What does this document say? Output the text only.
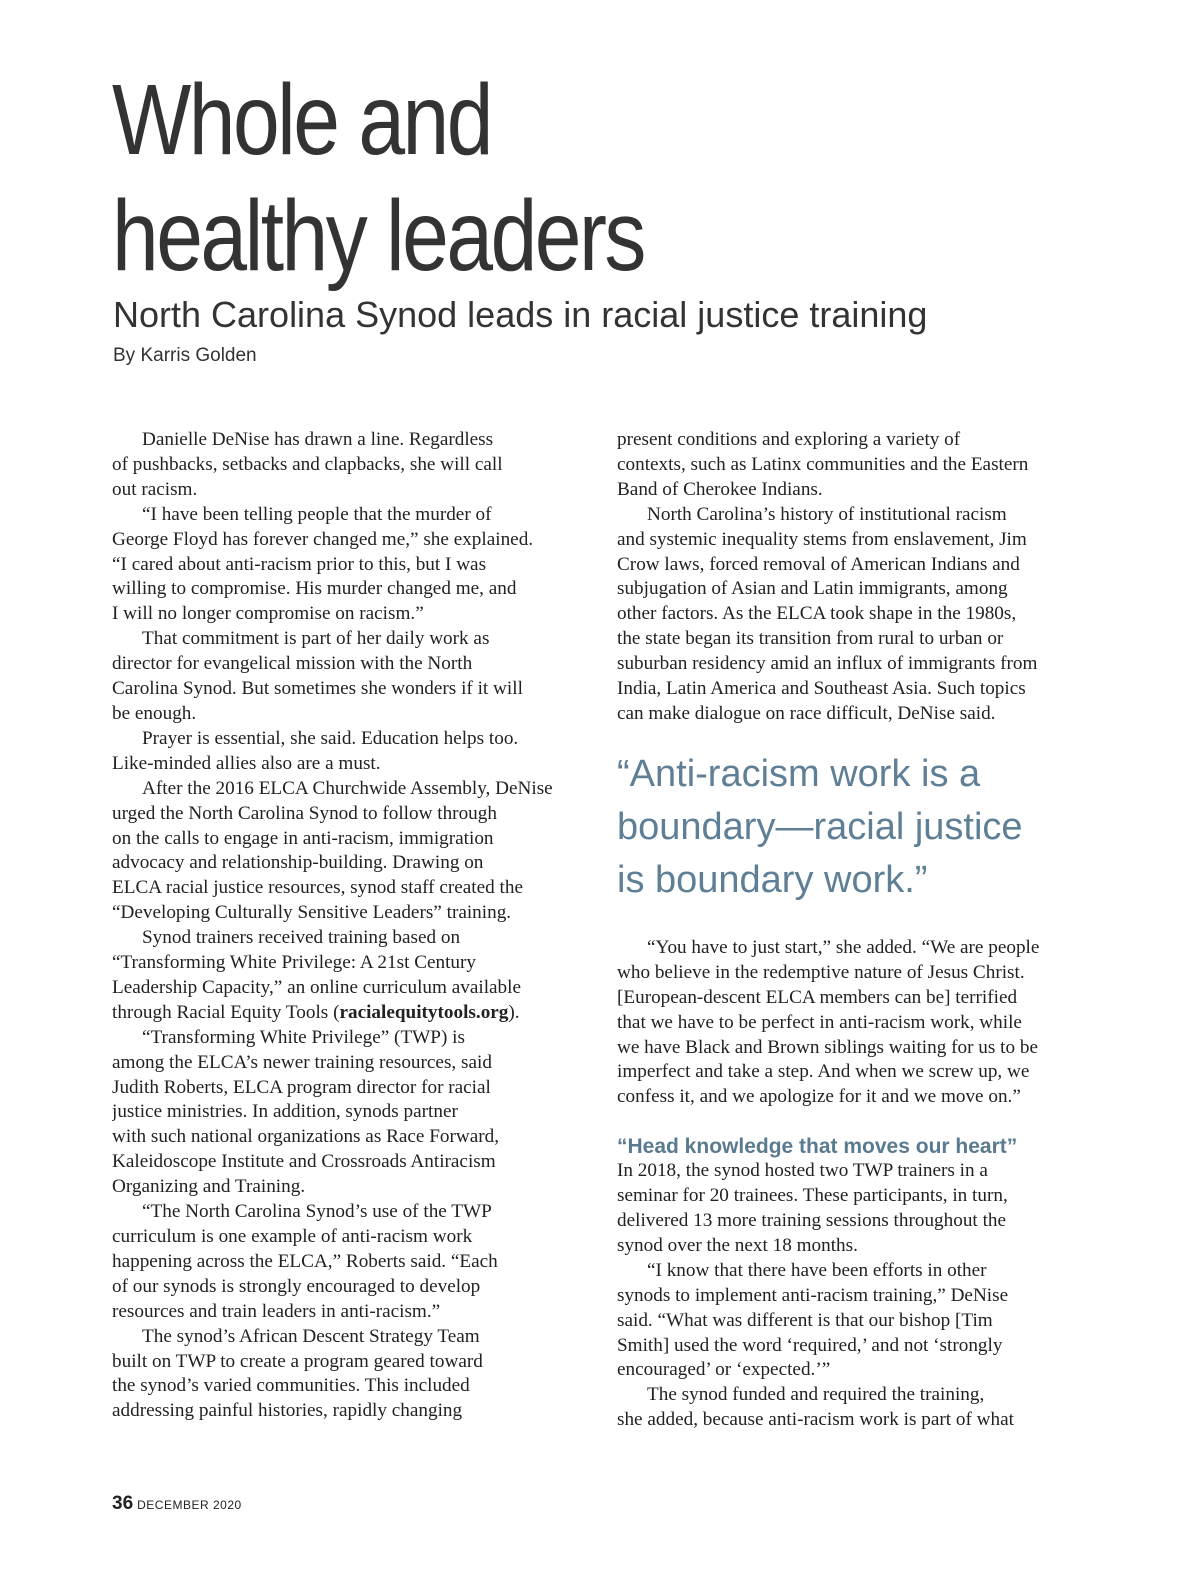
Whole and
healthy leaders
North Carolina Synod leads in racial justice training
By Karris Golden

Danielle DeNise has drawn a line. Regardless
of pushbacks, setbacks and clapbacks, she will call
out racism.

“I have been telling people that the murder of
George Floyd has forever changed me,” she explained.
“I cared about anti-racism prior to this, but I was
willing to compromise. His murder changed me, and
I will no longer compromise on racism.”

That commitment is part of her daily work as
director for evangelical mission with the North
Carolina Synod. But sometimes she wonders if it will
be enough.

Prayer is essential, she said. Education helps too.
Like-minded allies also are a must.

After the 2016 ELCA Churchwide Assembly, DeNise
urged the North Carolina Synod to follow through
on the calls to engage in anti-racism, immigration
advocacy and relationship-building. Drawing on
ELCA racial justice resources, synod staff created the
“Developing Culturally Sensitive Leaders” training.

Synod trainers received training based on
“Transforming White Privilege: A 21st Century
Leadership Capacity,” an online curriculum available

through Racial Equity Tools (racialequitytools.org).

“Transforming White Privilege” (TWP) is
among the ELCA’s newer training resources, said
Judith Roberts, ELCA program director for racial
justice ministries. In addition, synods partner
with such national organizations as Race Forward,
Kaleidoscope Institute and Crossroads Antiracism
Organizing and Training.

“The North Carolina Synod’s use of the TWP
curriculum is one example of anti-racism work
happening across the ELCA,” Roberts said. “Each
of our synods is strongly encouraged to develop
resources and train leaders in anti-racism.”

The synod’s African Descent Strategy Team
built on TWP to create a program geared toward
the synod’s varied communities. This included
addressing painful histories, rapidly changing

present conditions and exploring a variety of
contexts, such as Latinx communities and the Eastern
Band of Cherokee Indians.

North Carolina’s history of institutional racism
and systemic inequality stems from enslavement, Jim
Crow laws, forced removal of American Indians and
subjugation of Asian and Latin immigrants, among
other factors. As the ELCA took shape in the 1980s,
the state began its transition from rural to urban or
suburban residency amid an influx of immigrants from
India, Latin America and Southeast Asia. Such topics
can make dialogue on race difficult, DeNise said.

“Anti-racism work is a
boundary—racial justice
is boundary work.”

“You have to just start,” she added. “We are people
who believe in the redemptive nature of Jesus Christ.
[European-descent ELCA members can be] terrified
that we have to be perfect in anti-racism work, while
we have Black and Brown siblings waiting for us to be
imperfect and take a step. And when we screw up, we
confess it, and we apologize for it and we move on.”

“Head knowledge that moves our heart”

In 2018, the synod hosted two TWP trainers in a
seminar for 20 trainees. These participants, in turn,
delivered 13 more training sessions throughout the
synod over the next 18 months.

“I know that there have been efforts in other
synods to implement anti-racism training,” DeNise
said. “What was different is that our bishop [Tim
Smith] used the word ‘required,’ and not ‘strongly
encouraged’ or ‘expected.’”

The synod funded and required the training,
she added, because anti-racism work is part of what

36 DECEMBER 2020
